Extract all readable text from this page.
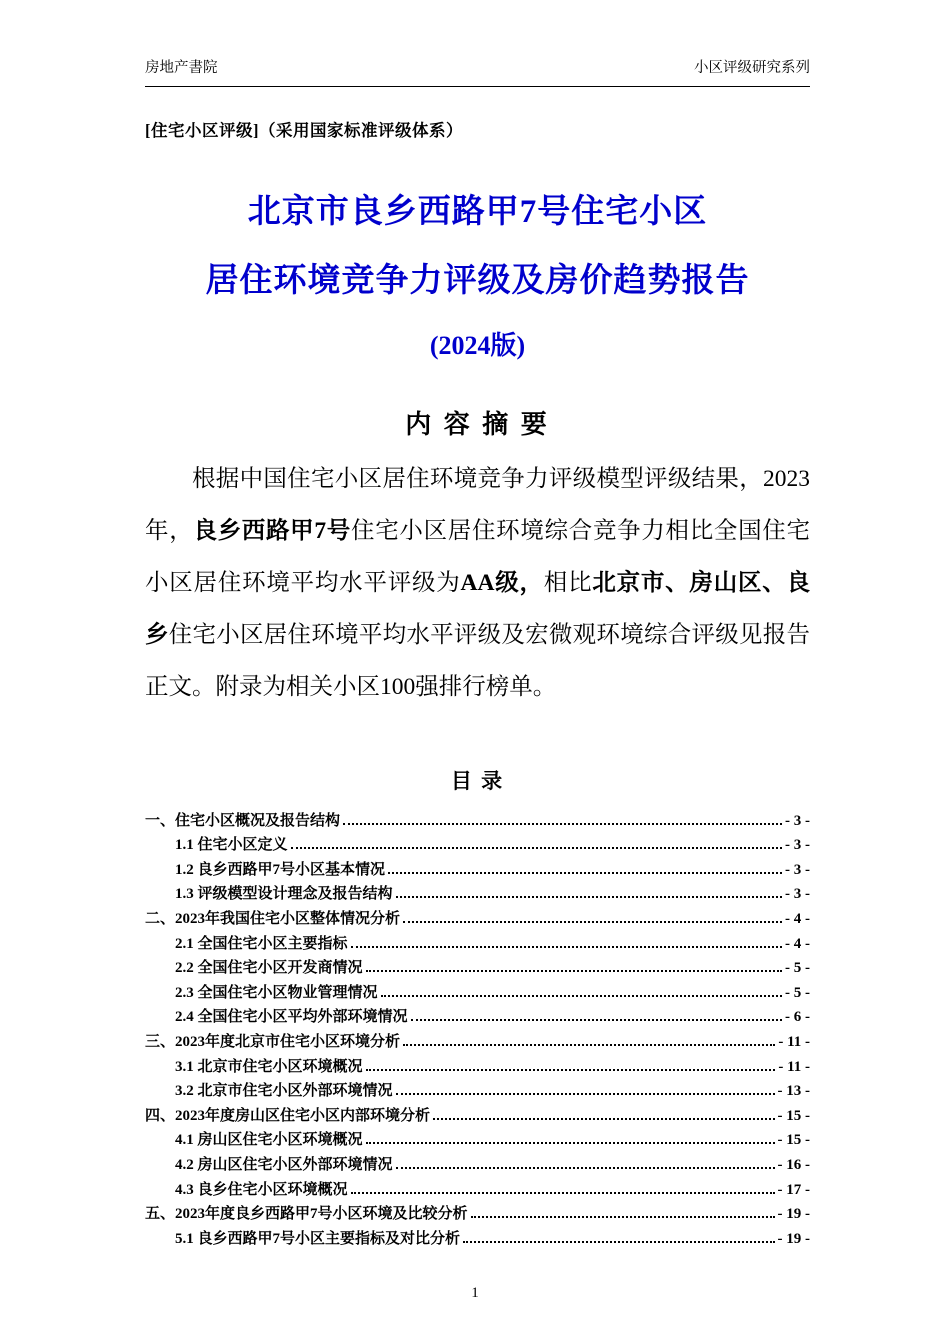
房地产書院	小区评级研究系列
[住宅小区评级]（采用国家标准评级体系）
北京市良乡西路甲7号住宅小区
居住环境竞争力评级及房价趋势报告
(2024版)
内 容 摘 要

根据中国住宅小区居住环境竞争力评级模型评级结果，2023年，良乡西路甲7号住宅小区居住环境综合竞争力相比全国住宅小区居住环境平均水平评级为AA级，相比北京市、房山区、良乡住宅小区居住环境平均水平评级及宏微观环境综合评级见报告正文。附录为相关小区100强排行榜单。

目 录
一、住宅小区概况及报告结构	- 3 -
1.1 住宅小区定义	- 3 -
1.2 良乡西路甲7号小区基本情况	- 3 -
1.3 评级模型设计理念及报告结构	- 3 -
二、2023年我国住宅小区整体情况分析	- 4 -
2.1 全国住宅小区主要指标	- 4 -
2.2 全国住宅小区开发商情况	- 5 -
2.3 全国住宅小区物业管理情况	- 5 -
2.4 全国住宅小区平均外部环境情况	- 6 -
三、2023年度北京市住宅小区环境分析	- 11 -
3.1 北京市住宅小区环境概况	- 11 -
3.2 北京市住宅小区外部环境情况	- 13 -
四、2023年度房山区住宅小区内部环境分析	- 15 -
4.1 房山区住宅小区环境概况	- 15 -
4.2 房山区住宅小区外部环境情况	- 16 -
4.3 良乡住宅小区环境概况	- 17 -
五、2023年度良乡西路甲7号小区环境及比较分析	- 19 -
5.1 良乡西路甲7号小区主要指标及对比分析	- 19 -
1
